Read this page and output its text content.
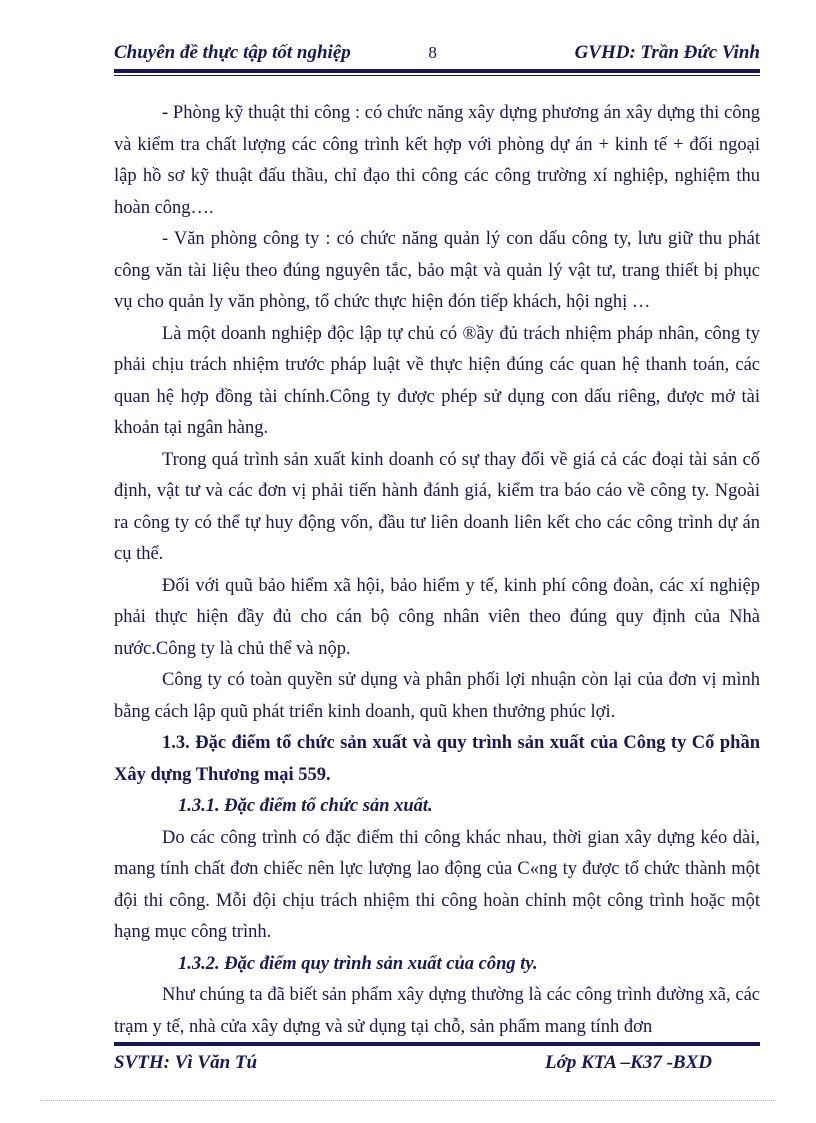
Chuyên đề thực tập tốt nghiệp	8	GVHD: Trần Đức Vinh

- Phòng kỹ thuật thi công : có chức năng xây dựng phương án xây dựng thi công và kiểm tra chất lượng các công trình kết hợp với phòng dự án + kinh tế + đối ngoại lập hồ sơ kỹ thuật đấu thầu, chỉ đạo thi công các công trường xí nghiệp, nghiệm thu hoàn công….

- Văn phòng công ty : có chức năng quản lý con dấu công ty, lưu giữ thu phát công văn tài liệu theo đúng nguyên tắc, bảo mật và quản lý vật tư, trang thiết bị phục vụ cho quản ly văn phòng, tổ chức thực hiện đón tiếp khách, hội nghị …

Là một doanh nghiệp độc lập tự chủ có ®ầy đủ trách nhiệm pháp nhân, công ty phải chịu trách nhiệm trước pháp luật về thực hiện đúng các quan hệ thanh toán, các quan hệ hợp đồng tài chính.Công ty được phép sử dụng con dấu riêng, được mở tài khoản tại ngân hàng.

Trong quá trình sản xuất kinh doanh có sự thay đổi về giá cả các đoại tài sản cố định, vật tư và các đơn vị phải tiến hành đánh giá, kiểm tra báo cáo về công ty. Ngoài ra công ty có thể tự huy động vốn, đầu tư liên doanh liên kết cho các công trình dự án cụ thể.

Đối với quũ bảo hiểm xã hội, bảo hiểm y tế, kinh phí công đoàn, các xí nghiệp phải thực hiện đầy đủ cho cán bộ công nhân viên theo đúng quy định của Nhà nước.Công ty là chủ thể và nộp.

Công ty có toàn quyền sử dụng và phân phối lợi nhuận còn lại của đơn vị mình bằng cách lập quũ phát triển kinh doanh, quũ khen thưởng phúc lợi.

1.3. Đặc điểm tổ chức sản xuất và quy trình sản xuất của Công ty Cổ phần Xây dựng Thương mại 559.

1.3.1. Đặc điểm tổ chức sản xuất.

Do các công trình có đặc điểm thi công khác nhau, thời gian xây dựng kéo dài, mang tính chất đơn chiếc nên lực lượng lao động của C«ng ty được tổ chức thành một đội thi công. Mỗi đội chịu trách nhiệm thi công hoàn chỉnh một công trình hoặc một hạng mục công trình.

1.3.2. Đặc điểm quy trình sản xuất của công ty.

Như chúng ta đã biết sản phẩm xây dựng thường là các công trình đường xã, các trạm y tế, nhà cửa xây dựng và sử dụng tại chỗ, sản phẩm mang tính đơn

SVTH: Vì Văn Tú	Lớp KTA –K37 -BXD
